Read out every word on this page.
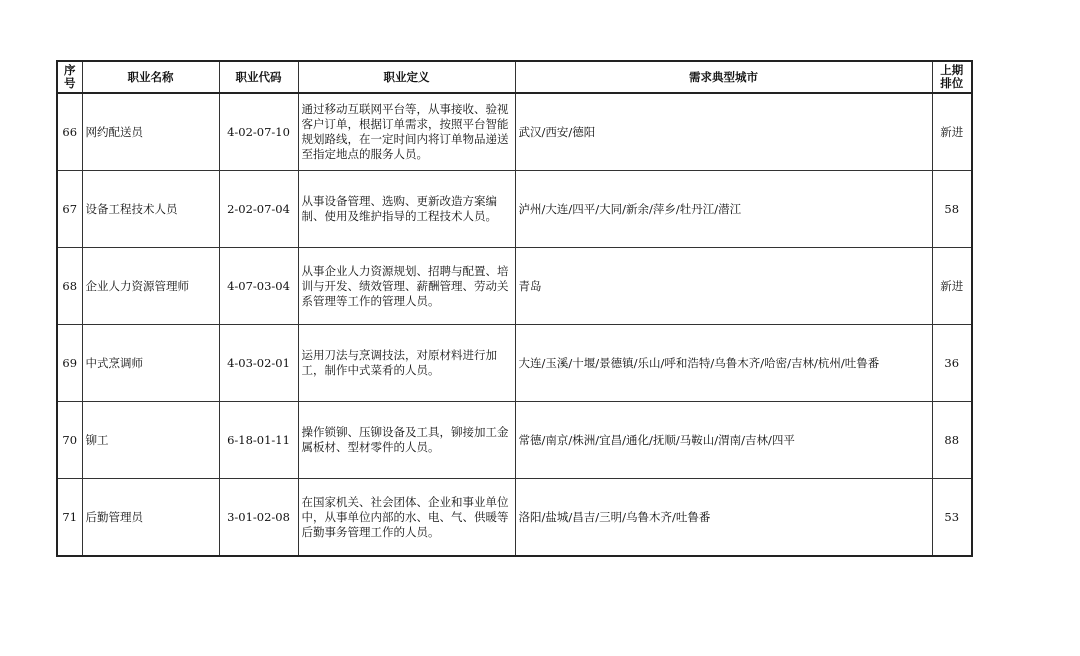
序号	职业名称	职业代码	职业定义	需求典型城市	上期排位

66	网约配送员	4-02-07-10	通过移动互联网平台等，从事接收、验视客户订单，根据订单需求，按照平台智能规划路线，在一定时间内将订单物品递送至指定地点的服务人员。	武汉/西安/德阳	新进
67	设备工程技术人员	2-02-07-04	从事设备管理、选购、更新改造方案编制、使用及维护指导的工程技术人员。	泸州/大连/四平/大同/新余/萍乡/牡丹江/潜江	58
68	企业人力资源管理师	4-07-03-04	从事企业人力资源规划、招聘与配置、培训与开发、绩效管理、薪酬管理、劳动关系管理等工作的管理人员。	青岛	新进
69	中式烹调师	4-03-02-01	运用刀法与烹调技法，对原材料进行加工，制作中式菜肴的人员。	大连/玉溪/十堰/景德镇/乐山/呼和浩特/乌鲁木齐/哈密/吉林/杭州/吐鲁番	36
70	铆工	6-18-01-11	操作锁铆、压铆设备及工具，铆接加工金属板材、型材零件的人员。	常德/南京/株洲/宜昌/通化/抚顺/马鞍山/渭南/吉林/四平	88
71	后勤管理员	3-01-02-08	在国家机关、社会团体、企业和事业单位中，从事单位内部的水、电、气、供暖等后勤事务管理工作的人员。	洛阳/盐城/昌吉/三明/乌鲁木齐/吐鲁番	53
